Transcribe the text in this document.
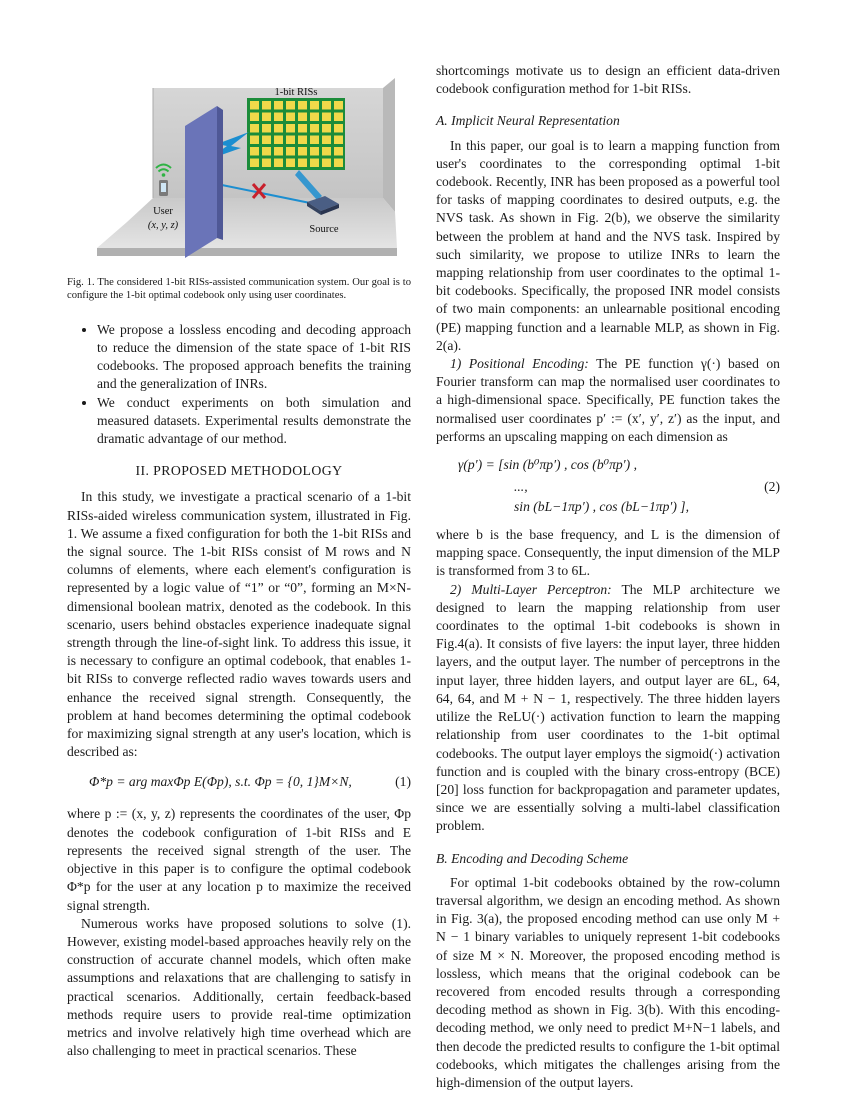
1-bit RISs
User
(x, y, z)	Source

Fig. 1. The considered 1-bit RISs-assisted communication system. Our goal is to configure the 1-bit optimal codebook only using user coordinates.

• We propose a lossless encoding and decoding approach to reduce the dimension of the state space of 1-bit RIS codebooks. The proposed approach benefits the training and the generalization of INRs.
• We conduct experiments on both simulation and measured datasets. Experimental results demonstrate the dramatic advantage of our method.
II. PROPOSED METHODOLOGY

In this study, we investigate a practical scenario of a 1-bit RISs-aided wireless communication system, illustrated in Fig. 1. We assume a fixed configuration for both the 1-bit RISs and the signal source. The 1-bit RISs consist of M rows and N columns of elements, where each element's configuration is represented by a logic value of “1” or “0”, forming an M×N-dimensional boolean matrix, denoted as the codebook. In this scenario, users behind obstacles experience inadequate signal strength through the line-of-sight link. To address this issue, it is necessary to configure an optimal codebook, that enables 1-bit RISs to converge reflected radio waves towards users and enhance the received signal strength. Consequently, the problem at hand becomes determining the optimal codebook for maximizing signal strength at any user's location, which is described as:

Φ*p = arg maxΦp E(Φp), s.t. Φp = {0, 1}M×N,	(1)

where p := (x, y, z) represents the coordinates of the user, Φp denotes the codebook configuration of 1-bit RISs and E represents the received signal strength of the user. The objective in this paper is to configure the optimal codebook Φ*p for the user at any location p to maximize the received signal strength.

Numerous works have proposed solutions to solve (1). However, existing model-based approaches heavily rely on the construction of accurate channel models, which often make assumptions and relaxations that are challenging to satisfy in practical scenarios. Additionally, certain feedback-based methods require users to provide real-time optimization metrics and involve relatively high time overhead which are also challenging to meet in practical scenarios. These

shortcomings motivate us to design an efficient data-driven codebook configuration method for 1-bit RISs.

A. Implicit Neural Representation

In this paper, our goal is to learn a mapping function from user's coordinates to the corresponding optimal 1-bit codebook. Recently, INR has been proposed as a powerful tool for tasks of mapping coordinates to desired outputs, e.g. the NVS task. As shown in Fig. 2(b), we observe the similarity between the problem at hand and the NVS task. Inspired by such similarity, we propose to utilize INRs to learn the mapping relationship from user coordinates to the optimal 1-bit codebooks. Specifically, the proposed INR model consists of two main components: an unlearnable positional encoding (PE) mapping function and a learnable MLP, as shown in Fig. 2(a).

1) Positional Encoding: The PE function γ(·) based on Fourier transform can map the normalised user coordinates to a high-dimensional space. Specifically, PE function takes the normalised user coordinates p′ := (x′, y′, z′) as the input, and performs an upscaling mapping on each dimension as

γ(p′) = [sin (b⁰πp′) , cos (b⁰πp′) ,
...,
sin (bL−1πp′) , cos (bL−1πp′) ],
(2)

where b is the base frequency, and L is the dimension of mapping space. Consequently, the input dimension of the MLP is transformed from 3 to 6L.

2) Multi-Layer Perceptron: The MLP architecture we designed to learn the mapping relationship from user coordinates to the optimal 1-bit codebooks is shown in Fig.4(a). It consists of five layers: the input layer, three hidden layers, and the output layer. The number of perceptrons in the input layer, three hidden layers, and output layer are 6L, 64, 64, 64, and M + N − 1, respectively. The three hidden layers utilize the ReLU(·) activation function to learn the mapping relationship from user coordinates to the 1-bit optimal codebooks. The output layer employs the sigmoid(·) activation function and is coupled with the binary cross-entropy (BCE) [20] loss function for backpropagation and parameter updates, since we are essentially solving a multi-label classification problem.

B. Encoding and Decoding Scheme

For optimal 1-bit codebooks obtained by the row-column traversal algorithm, we design an encoding method. As shown in Fig. 3(a), the proposed encoding method can use only M + N − 1 binary variables to uniquely represent 1-bit codebooks of size M × N. Moreover, the proposed encoding method is lossless, which means that the original codebook can be recovered from encoded results through a corresponding decoding method as shown in Fig. 3(b). With this encoding-decoding method, we only need to predict M+N−1 labels, and then decode the predicted results to configure the 1-bit optimal codebooks, which mitigates the challenges arising from the high-dimension of the output layers.
